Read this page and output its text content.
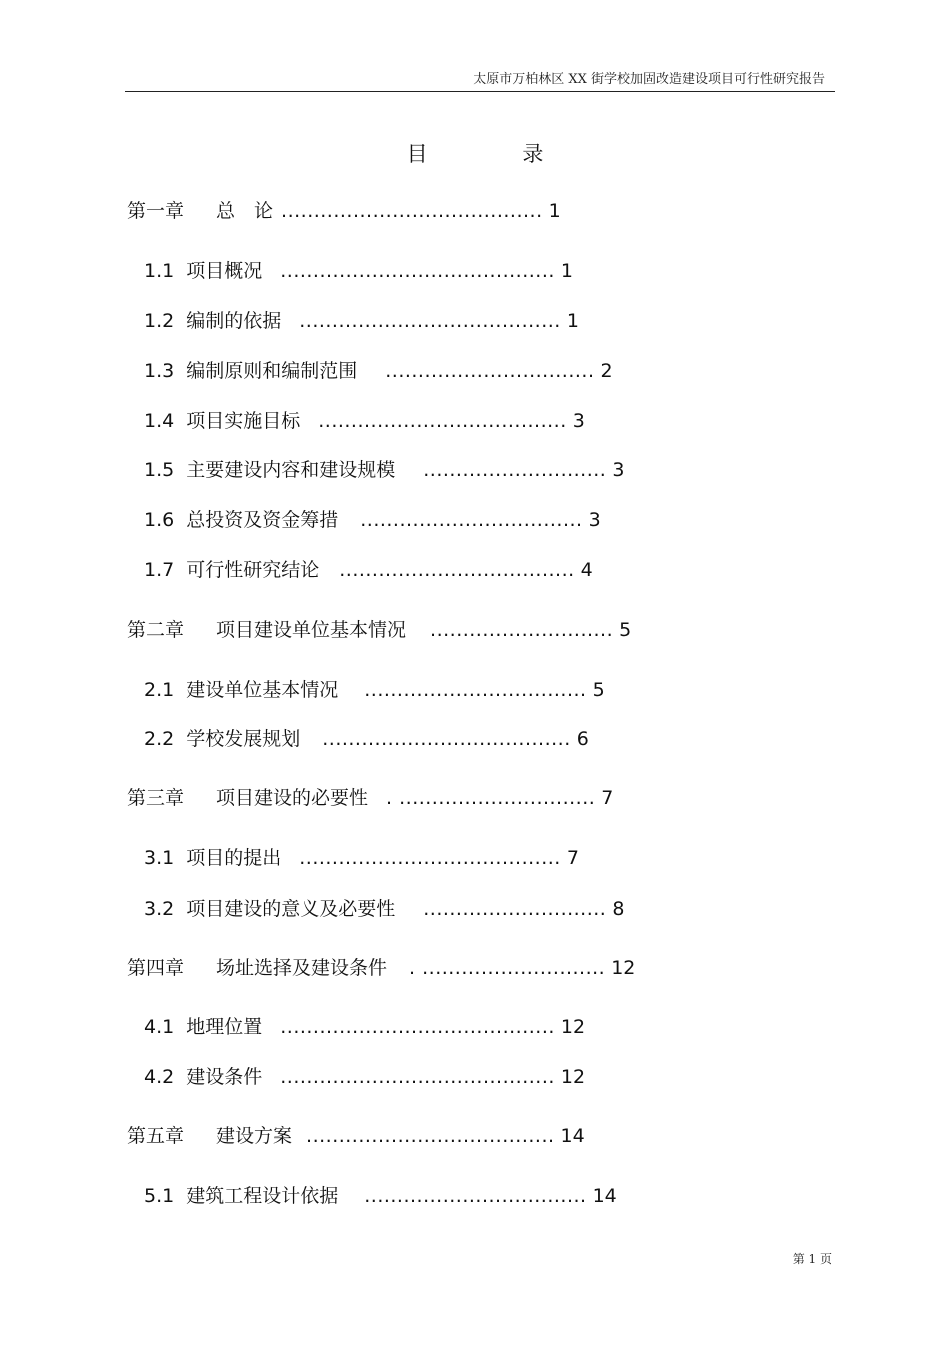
太原市万柏林区 XX 街学校加固改造建设项目可行性研究报告
目 录
第一章 总　论 ........................................ 1
1.1 项目概况 .......................................... 1
1.2 编制的依据 ........................................ 1
1.3 编制原则和编制范围 ................................ 2
1.4 项目实施目标 ...................................... 3
1.5 主要建设内容和建设规模 ............................ 3
1.6 总投资及资金筹措 .................................. 3
1.7 可行性研究结论 .................................... 4
第二章 项目建设单位基本情况 ............................ 5
2.1 建设单位基本情况 .................................. 5
2.2 学校发展规划 ...................................... 6
第三章 项目建设的必要性 . .............................. 7
3.1 项目的提出 ........................................ 7
3.2 项目建设的意义及必要性 ............................ 8
第四章 场址选择及建设条件 . ............................ 12
4.1 地理位置 .......................................... 12
4.2 建设条件 .......................................... 12
第五章 建设方案 ...................................... 14
5.1 建筑工程设计依据 .................................. 14
第 1 页
